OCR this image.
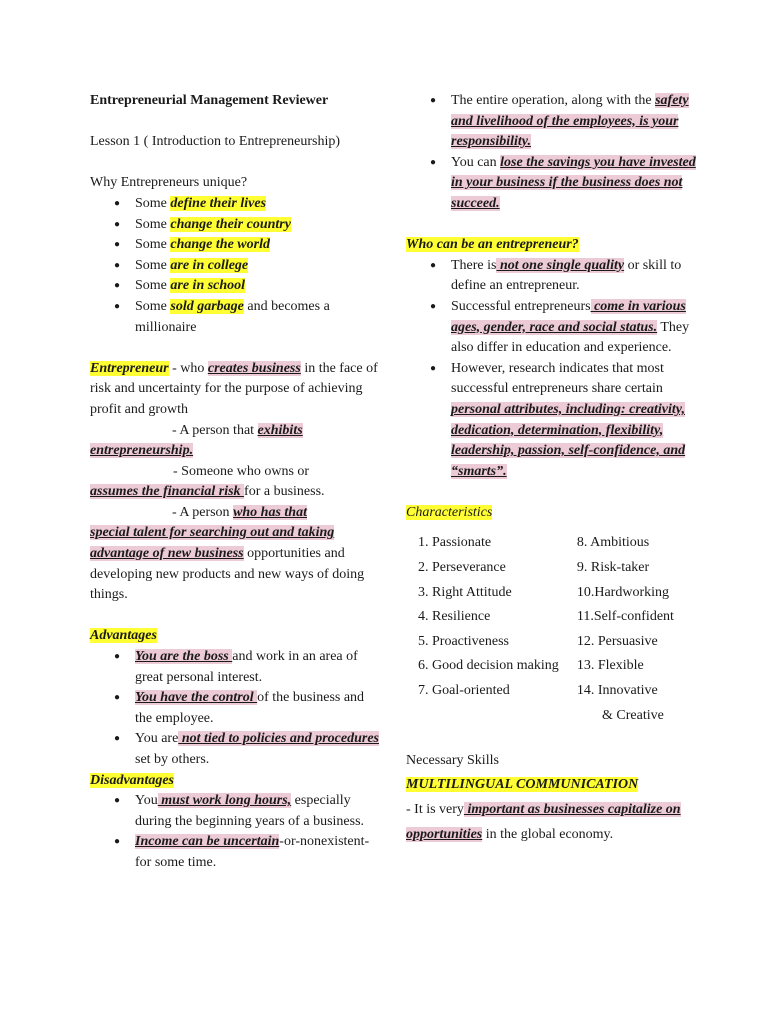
Entrepreneurial Management Reviewer

Lesson 1 ( Introduction to Entrepreneurship)

Why Entrepreneurs unique?

● Some define their lives
● Some change their country
● Some change the world
● Some are in college
● Some are in school
● Some sold garbage and becomes a millionaire

Entrepreneur - who creates business in the face of risk and uncertainty for the purpose of achieving profit and growth

- A person that exhibits

entrepreneurship.

- Someone who owns or

assumes the financial risk for a business.

- A person who has that

special talent for searching out and taking advantage of new business opportunities and developing new products and new ways of doing things.

Advantages

● You are the boss and work in an area of great personal interest.
● You have the control of the business and the employee.
● You are not tied to policies and procedures set by others.

Disadvantages

● You must work long hours, especially during the beginning years of a business.
● Income can be uncertain-or-nonexistent-for some time.
● The entire operation, along with the safety and livelihood of the employees, is your responsibility.
● You can lose the savings you have invested in your business if the business does not succeed.

Who can be an entrepreneur?

● There is not one single quality or skill to define an entrepreneur.
● Successful entrepreneurs come in various ages, gender, race and social status. They also differ in education and experience.
● However, research indicates that most successful entrepreneurs share certain personal attributes, including: creativity, dedication, determination, flexibility, leadership, passion, self-confidence, and “smarts”.

Characteristics

1. Passionate	8. Ambitious
2. Perseverance	9. Risk-taker
3. Right Attitude	10.Hardworking
4. Resilience	11.Self-confident
5. Proactiveness	12. Persuasive
6. Good decision making	13. Flexible
7. Goal-oriented	14. Innovative
& Creative

Necessary Skills

MULTILINGUAL COMMUNICATION

- It is very important as businesses capitalize on opportunities in the global economy.
